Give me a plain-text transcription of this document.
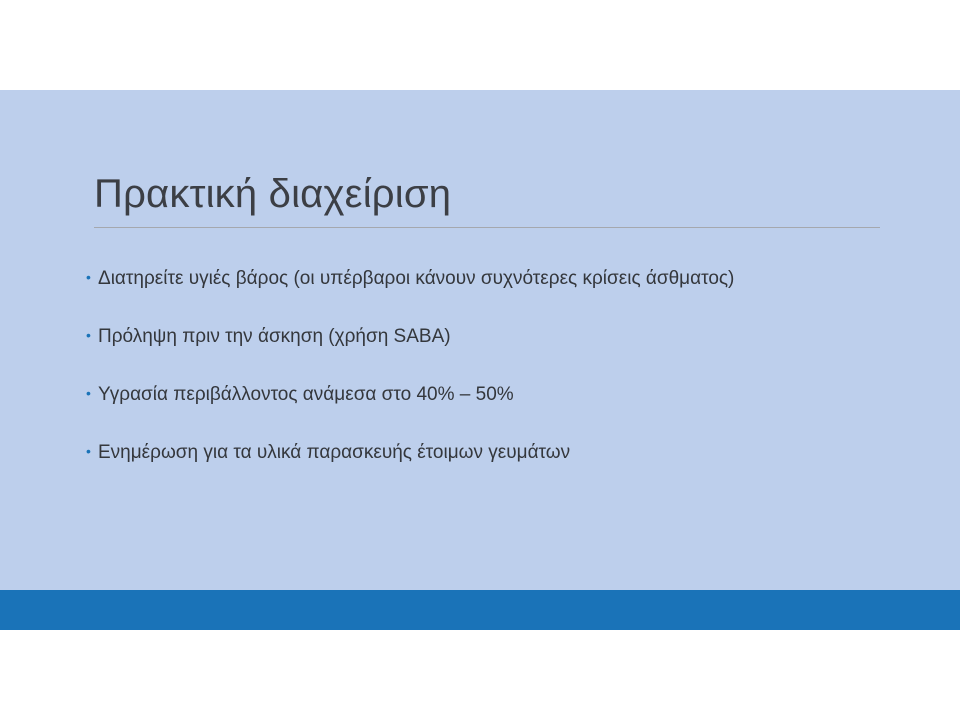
Πρακτική διαχείριση
• Διατηρείτε υγιές βάρος (οι υπέρβαροι κάνουν συχνότερες κρίσεις άσθματος)
• Πρόληψη πριν την άσκηση (χρήση SABA)
• Υγρασία περιβάλλοντος ανάμεσα στο 40% – 50%
• Ενημέρωση για τα υλικά παρασκευής έτοιμων γευμάτων
